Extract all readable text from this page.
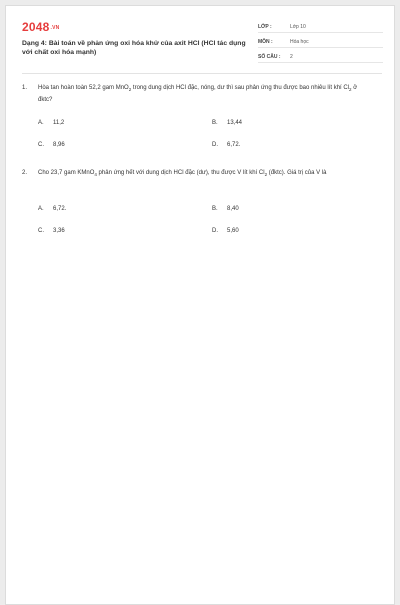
2048.VN
Dạng 4: Bài toán về phản ứng oxi hóa khử của axit HCl (HCl tác dụng với chất oxi hóa mạnh)
LỚP :	Lớp 10
MÔN :	Hóa học
SỐ CÂU : 2
1. Hòa tan hoàn toàn 52,2 gam MnO$_2$ trong dung dịch HCl đặc, nóng, dư thì sau phản ứng thu được bao nhiêu lít khí $Cl_2$ ở đktc?
A. 11,2	B. 13,44
C. 8,96	D. 6,72.
2. Cho 23,7 gam KMnO$_4$ phản ứng hết với dung dịch HCl đặc (dư), thu được V lít khí $Cl_2$ (đktc). Giá trị của V là
A. 6,72.	B. 8,40
C. 3,36	D. 5,60
